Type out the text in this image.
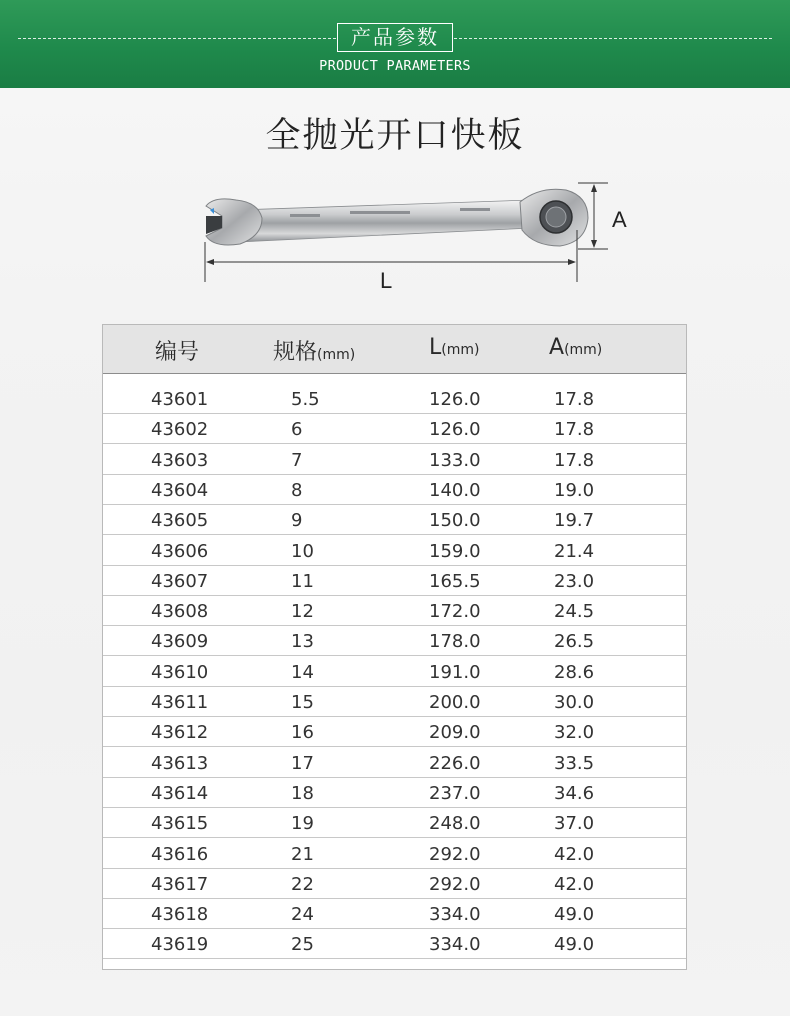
产品参数
PRODUCT PARAMETERS
全抛光开口快板
A
L
编号	规格(mm)	L(mm)	A(mm)
43601	5.5	126.0	17.8
43602	6	126.0	17.8
43603	7	133.0	17.8
43604	8	140.0	19.0
43605	9	150.0	19.7
43606	10	159.0	21.4
43607	11	165.5	23.0
43608	12	172.0	24.5
43609	13	178.0	26.5
43610	14	191.0	28.6
43611	15	200.0	30.0
43612	16	209.0	32.0
43613	17	226.0	33.5
43614	18	237.0	34.6
43615	19	248.0	37.0
43616	21	292.0	42.0
43617	22	292.0	42.0
43618	24	334.0	49.0
43619	25	334.0	49.0
